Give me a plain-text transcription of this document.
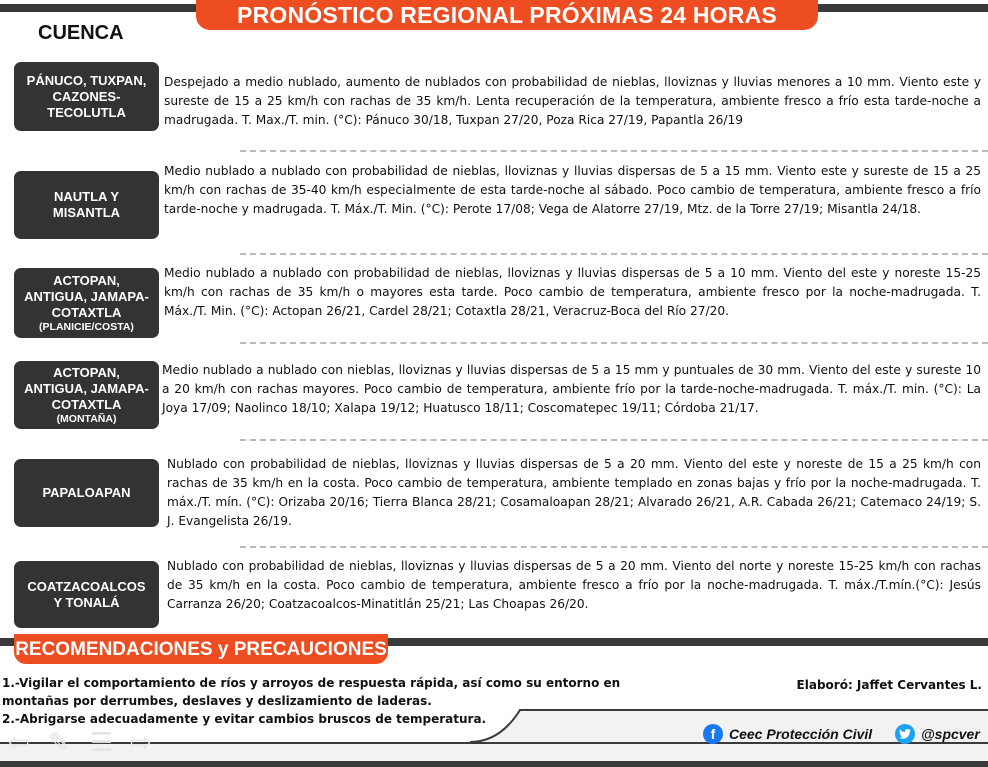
PRONÓSTICO REGIONAL PRÓXIMAS 24 HORAS
CUENCA
PÁNUCO, TUXPAN,
CAZONES-
TECOLUTLA

Despejado a medio nublado, aumento de nublados con probabilidad de nieblas, lloviznas y lluvias menores a 10 mm. Viento este y sureste de 15 a 25 km/h con rachas de 35 km/h. Lenta recuperación de la temperatura, ambiente fresco a frío esta tarde-noche a madrugada. T. Max./T. min. (°C): Pánuco 30/18, Tuxpan 27/20, Poza Rica 27/19, Papantla 26/19

NAUTLA Y
MISANTLA

Medio nublado a nublado con probabilidad de nieblas, lloviznas y lluvias dispersas de 5 a 15 mm. Viento este y sureste de 15 a 25 km/h con rachas de 35-40 km/h especialmente de esta tarde-noche al sábado. Poco cambio de temperatura, ambiente fresco a frío tarde-noche y madrugada. T. Máx./T. Min. (°C): Perote 17/08; Vega de Alatorre 27/19, Mtz. de la Torre 27/19; Misantla 24/18.

ACTOPAN,
ANTIGUA, JAMAPA-
COTAXTLA
(PLANICIE/COSTA)

Medio nublado a nublado con probabilidad de nieblas, lloviznas y lluvias dispersas de 5 a 10 mm. Viento del este y noreste 15-25 km/h con rachas de 35 km/h o mayores esta tarde. Poco cambio de temperatura, ambiente fresco por la noche-madrugada. T. Máx./T. Min. (°C): Actopan 26/21, Cardel 28/21; Cotaxtla 28/21, Veracruz-Boca del Río 27/20.

ACTOPAN,
ANTIGUA, JAMAPA-
COTAXTLA
(MONTAÑA)

Medio nublado a nublado con nieblas, lloviznas y lluvias dispersas de 5 a 15 mm y puntuales de 30 mm. Viento del este y sureste 10 a 20 km/h con rachas mayores. Poco cambio de temperatura, ambiente frío por la tarde-noche-madrugada. T. máx./T. min. (°C): La Joya 17/09; Naolinco 18/10; Xalapa 19/12; Huatusco 18/11; Coscomatepec 19/11; Córdoba 21/17.

PAPALOAPAN

Nublado con probabilidad de nieblas, lloviznas y lluvias dispersas de 5 a 20 mm. Viento del este y noreste de 15 a 25 km/h con rachas de 35 km/h en la costa. Poco cambio de temperatura, ambiente templado en zonas bajas y frío por la noche-madrugada. T. máx./T. mín. (°C): Orizaba 20/16; Tierra Blanca 28/21; Cosamaloapan 28/21; Alvarado 26/21, A.R. Cabada 26/21; Catemaco 24/19; S. J. Evangelista 26/19.

COATZACOALCOS
Y TONALÁ

Nublado con probabilidad de nieblas, lloviznas y lluvias dispersas de 5 a 20 mm. Viento del norte y noreste 15-25 km/h con rachas de 35 km/h en la costa. Poco cambio de temperatura, ambiente fresco a frío por la noche-madrugada. T. máx./T.mín.(°C): Jesús Carranza 26/20; Coatzacoalcos-Minatitlán 25/21; Las Choapas 26/20.

RECOMENDACIONES y PRECAUCIONES

1.-Vigilar el comportamiento de ríos y arroyos de respuesta rápida, así como su entorno en montañas por derrumbes, deslaves y deslizamiento de laderas.

2.-Abrigarse adecuadamente y evitar cambios bruscos de temperatura.

Elaboró: Jaffet Cervantes L.
⇦ ✎ ☰ ⇨	f Ceec Protección Civil	@spcver
